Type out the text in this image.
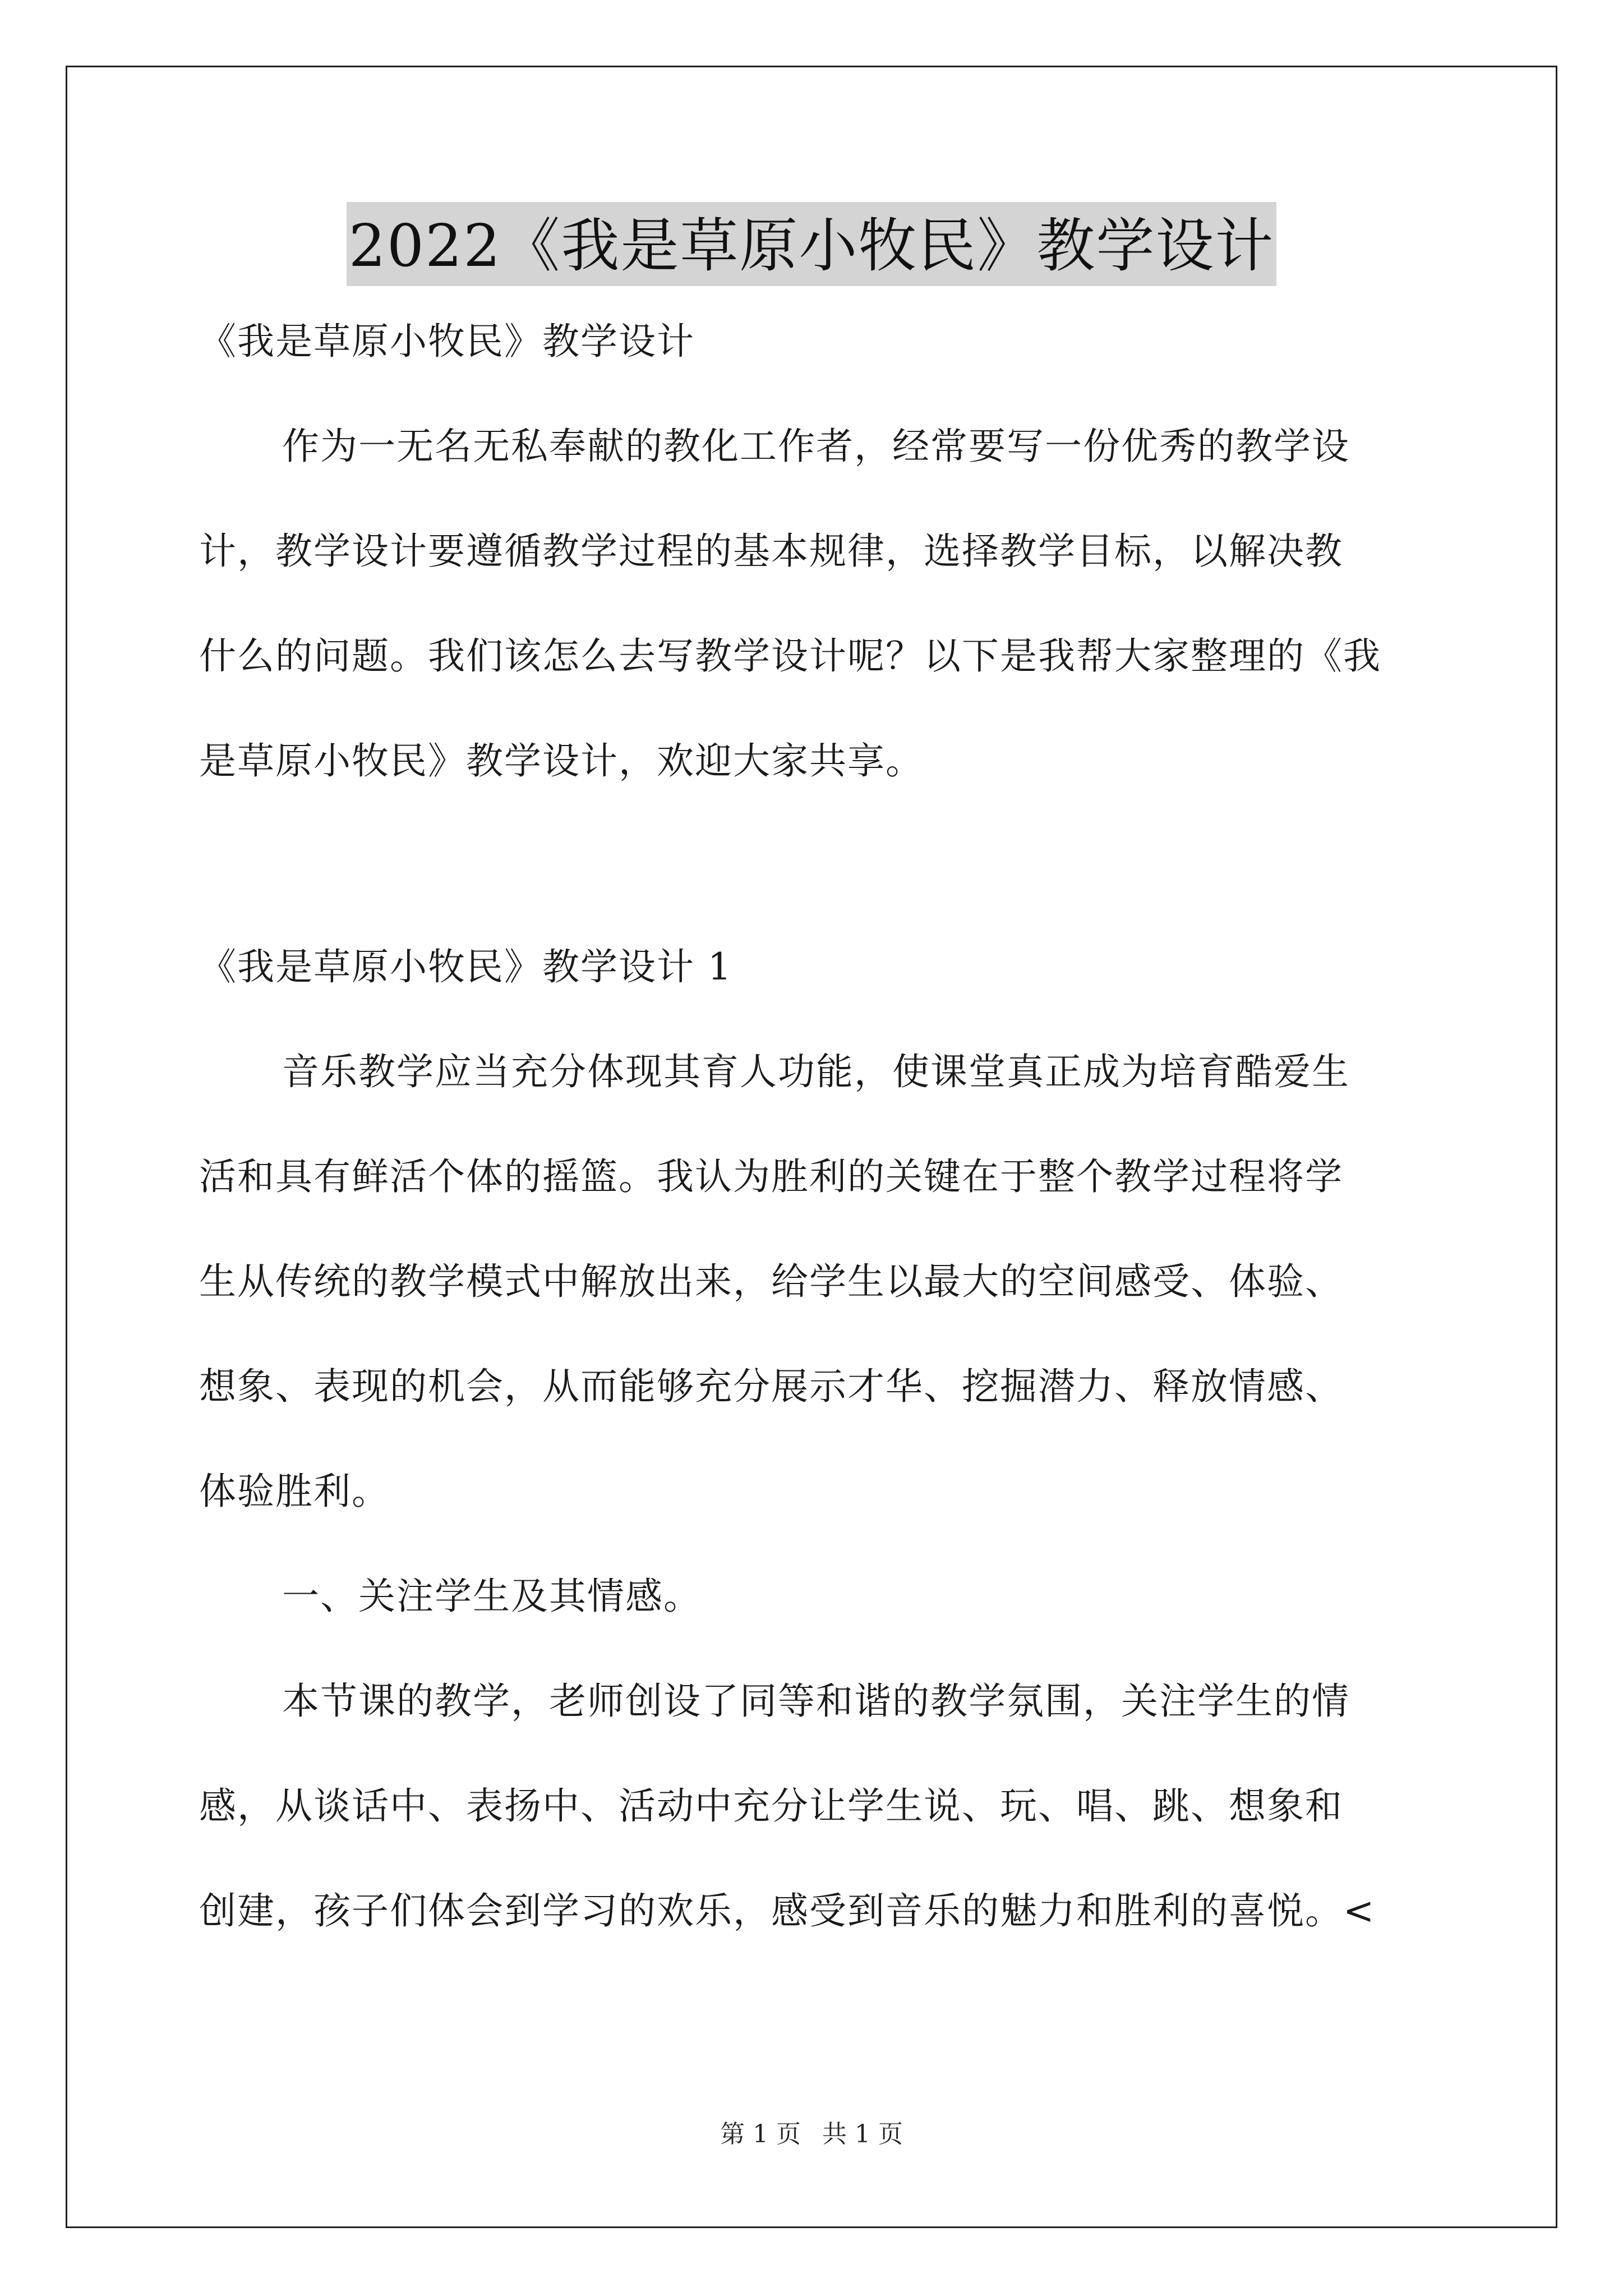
2022《我是草原小牧民》教学设计

《我是草原小牧民》教学设计

作为一无名无私奉献的教化工作者，经常要写一份优秀的教学设

计，教学设计要遵循教学过程的基本规律，选择教学目标，以解决教

什么的问题。我们该怎么去写教学设计呢？以下是我帮大家整理的《我

是草原小牧民》教学设计，欢迎大家共享。

《我是草原小牧民》教学设计 1

音乐教学应当充分体现其育人功能，使课堂真正成为培育酷爱生

活和具有鲜活个体的摇篮。我认为胜利的关键在于整个教学过程将学

生从传统的教学模式中解放出来，给学生以最大的空间感受、体验、

想象、表现的机会，从而能够充分展示才华、挖掘潜力、释放情感、

体验胜利。

一、关注学生及其情感。

本节课的教学，老师创设了同等和谐的教学氛围，关注学生的情

感，从谈话中、表扬中、活动中充分让学生说、玩、唱、跳、想象和

创建，孩子们体会到学习的欢乐，感受到音乐的魅力和胜利的喜悦。<

第 1 页 共 1 页
